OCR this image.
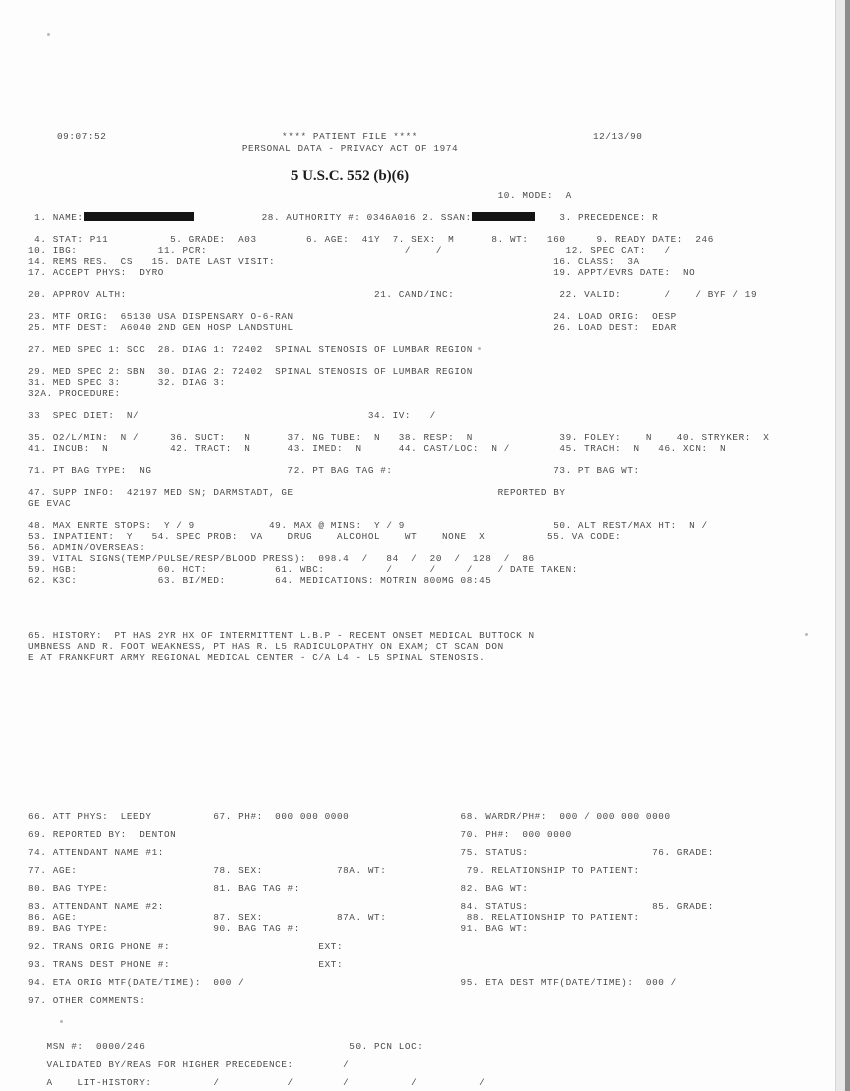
09:07:52	**** PATIENT FILE ****
PERSONAL DATA - PRIVACY ACT OF 1974
12/13/90
5 U.S.C. 552 (b)(6)
10. MODE:  A
1. NAME:	28. AUTHORITY #: 0346A016 2. SSAN:	3. PRECEDENCE: R
4. STAT: P11          5. GRADE:  A03        6. AGE:  41Y  7. SEX:  M      8. WT:   160     9. READY DATE:  246
10. IBG:             11. PCR:                                /    /                    12. SPEC CAT:   /
14. REMS RES.  CS   15. DATE LAST VISIT:                                             16. CLASS:  3A
17. ACCEPT PHYS:  DYRO                                                               19. APPT/EVRS DATE:  NO
20. APPROV ALTH:                                        21. CAND/INC:                 22. VALID:       /    / BYF / 19
23. MTF ORIG:  65130 USA DISPENSARY O-6-RAN                                          24. LOAD ORIG:  OESP
25. MTF DEST:  A6040 2ND GEN HOSP LANDSTUHL                                          26. LOAD DEST:  EDAR
27. MED SPEC 1: SCC  28. DIAG 1: 72402  SPINAL STENOSIS OF LUMBAR REGION
29. MED SPEC 2: SBN  30. DIAG 2: 72402  SPINAL STENOSIS OF LUMBAR REGION
31. MED SPEC 3:      32. DIAG 3:
32A. PROCEDURE:
33  SPEC DIET:  N/                                     34. IV:   /
35. O2/L/MIN:  N /     36. SUCT:   N      37. NG TUBE:  N   38. RESP:  N              39. FOLEY:    N    40. STRYKER:  X
41. INCUB:  N          42. TRACT:  N      43. IMED:  N      44. CAST/LOC:  N /        45. TRACH:  N   46. XCN:  N
71. PT BAG TYPE:  NG                      72. PT BAG TAG #:                          73. PT BAG WT:
47. SUPP INFO:  42197 MED SN; DARMSTADT, GE                                 REPORTED BY
GE EVAC
48. MAX ENRTE STOPS:  Y / 9            49. MAX @ MINS:  Y / 9                        50. ALT REST/MAX HT:  N /
53. INPATIENT:  Y   54. SPEC PROB:  VA    DRUG    ALCOHOL    WT    NONE  X          55. VA CODE:
56. ADMIN/OVERSEAS:
39. VITAL SIGNS(TEMP/PULSE/RESP/BLOOD PRESS):  098.4  /   84  /  20  /  128  /  86
59. HGB:             60. HCT:           61. WBC:          /      /     /    / DATE TAKEN:
62. K3C:             63. BI/MED:        64. MEDICATIONS: MOTRIN 800MG 08:45
65. HISTORY:  PT HAS 2YR HX OF INTERMITTENT L.B.P - RECENT ONSET MEDICAL BUTTOCK N
UMBNESS AND R. FOOT WEAKNESS, PT HAS R. L5 RADICULOPATHY ON EXAM; CT SCAN DON
E AT FRANKFURT ARMY REGIONAL MEDICAL CENTER - C/A L4 - L5 SPINAL STENOSIS.
66. ATT PHYS:  LEEDY          67. PH#:  000 000 0000                  68. WARDR/PH#:  000 / 000 000 0000
69. REPORTED BY:  DENTON                                              70. PH#:  000 0000
74. ATTENDANT NAME #1:                                                75. STATUS:                    76. GRADE:
77. AGE:                      78. SEX:            78A. WT:             79. RELATIONSHIP TO PATIENT:
80. BAG TYPE:                 81. BAG TAG #:                          82. BAG WT:
83. ATTENDANT NAME #2:                                                84. STATUS:                    85. GRADE:
86. AGE:                      87. SEX:            87A. WT:             88. RELATIONSHIP TO PATIENT:
89. BAG TYPE:                 90. BAG TAG #:                          91. BAG WT:
92. TRANS ORIG PHONE #:                        EXT:
93. TRANS DEST PHONE #:                        EXT:
94. ETA ORIG MTF(DATE/TIME):  000 /                                   95. ETA DEST MTF(DATE/TIME):  000 /
97. OTHER COMMENTS:
MSN #:  0000/246                                 50. PCN LOC:
VALIDATED BY/REAS FOR HIGHER PRECEDENCE:        /
A    LIT-HISTORY:          /           /        /          /          /
